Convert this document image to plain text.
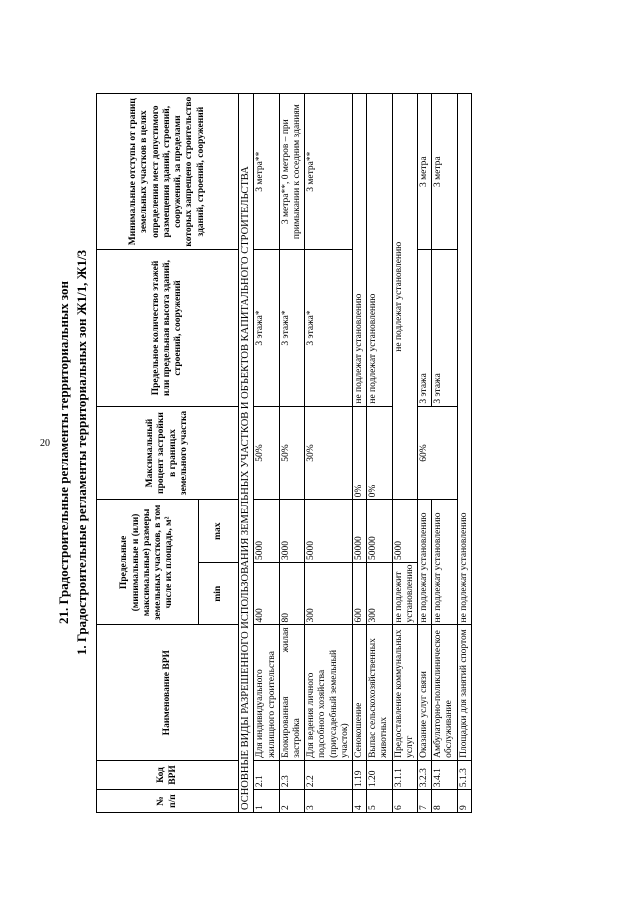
20 21. Градостроительные регламенты территориальных зон 1. Градостроительные регламенты территориальных зон Ж1/1, Ж1/3
№ п/п	Код ВРИ	Наименование ВРИ	Предельные (минимальные и (или) максимальные) размеры земельных участков, в том числе их площадь, м²		Максимальный процент застройки в границах земельного участка	Предельное количество этажей или предельная высота зданий, строений, сооружений	Минимальные отступы от границ земельных участков в целях определения мест допустимого размещения зданий, строений, сооружений, за пределами которых запрещено строительство зданий, строений, сооружений
			min	max			
ОСНОВНЫЕ ВИДЫ РАЗРЕШЕННОГО ИСПОЛЬЗОВАНИЯ ЗЕМЕЛЬНЫХ УЧАСТКОВ И ОБЪЕКТОВ КАПИТАЛЬНОГО СТРОИТЕЛЬСТВА							
1	2.1	Для индивидуального жилищного строительства	400	5000	50%	3 этажа*	3 метра**
2	2.3	Блокированная жилая застройка	80	3000	50%	3 этажа*	3 метра**, 0 метров – при примыкании к соседним зданиям
3	2.2	Для ведения личного подсобного хозяйства (приусадебный земельный участок)	300	5000	30%	3 этажа*	3 метра**
4	1.19	Сенокошение	600	50000	0%	не подлежат установлению	
5	1.20	Выпас сельскохозяйственных животных	300	50000	0%	не подлежат установлению	
6	3.1.1	Предоставление коммунальных услуг	не подлежит установлению	5000	не подлежат установлению		
7	3.2.3	Оказание услуг связи	не подлежат установлению		60%	3 этажа	3 метра
8	3.4.1	Амбулаторно-поликлиническое обслуживание	не подлежат установлению			3 этажа	3 метра
9	5.1.3	Площадки для занятий спортом	не подлежат установлению				
